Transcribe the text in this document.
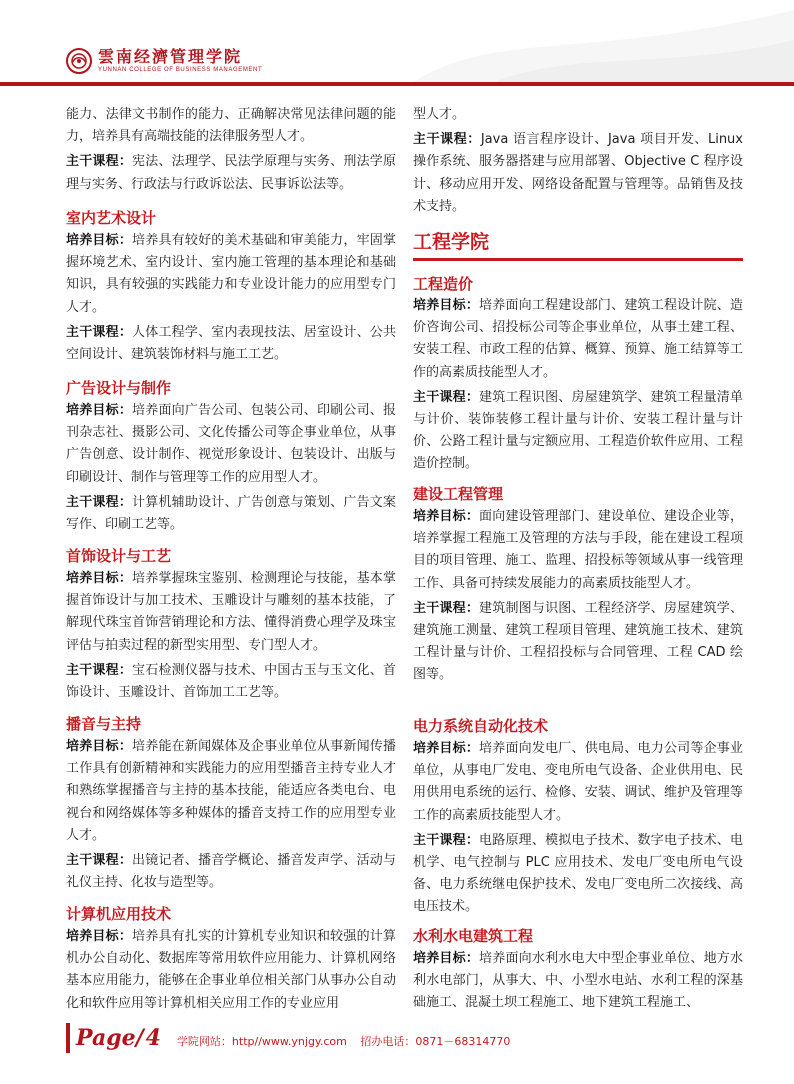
雲南经濟管理学院
YUNNAN COLLEGE OF BUSINESS MANAGEMENT

能力、法律文书制作的能力、正确解决常见法律问题的能力，培养具有高端技能的法律服务型人才。

主干课程：宪法、法理学、民法学原理与实务、刑法学原理与实务、行政法与行政诉讼法、民事诉讼法等。

室内艺术设计

培养目标：培养具有较好的美术基础和审美能力，牢固掌握环境艺术、室内设计、室内施工管理的基本理论和基础知识，具有较强的实践能力和专业设计能力的应用型专门人才。

主干课程：人体工程学、室内表现技法、居室设计、公共空间设计、建筑装饰材料与施工工艺。

广告设计与制作

培养目标：培养面向广告公司、包装公司、印刷公司、报刊杂志社、摄影公司、文化传播公司等企事业单位，从事广告创意、设计制作、视觉形象设计、包装设计、出版与印刷设计、制作与管理等工作的应用型人才。

主干课程：计算机辅助设计、广告创意与策划、广告文案写作、印刷工艺等。

首饰设计与工艺

培养目标：培养掌握珠宝鉴别、检测理论与技能，基本掌握首饰设计与加工技术、玉雕设计与雕刻的基本技能，了解现代珠宝首饰营销理论和方法、懂得消费心理学及珠宝评估与拍卖过程的新型实用型、专门型人才。

主干课程：宝石检测仪器与技术、中国古玉与玉文化、首饰设计、玉雕设计、首饰加工工艺等。

播音与主持

培养目标：培养能在新闻媒体及企事业单位从事新闻传播工作具有创新精神和实践能力的应用型播音主持专业人才和熟练掌握播音与主持的基本技能，能适应各类电台、电视台和网络媒体等多种媒体的播音支持工作的应用型专业人才。

主干课程：出镜记者、播音学概论、播音发声学、活动与礼仪主持、化妆与造型等。

计算机应用技术

培养目标：培养具有扎实的计算机专业知识和较强的计算机办公自动化、数据库等常用软件应用能力、计算机网络基本应用能力，能够在企事业单位相关部门从事办公自动化和软件应用等计算机相关应用工作的专业应用

型人才。

主干课程：Java 语言程序设计、Java 项目开发、Linux 操作系统、服务器搭建与应用部署、Objective C 程序设计、移动应用开发、网络设备配置与管理等。品销售及技术支持。

工程学院
工程造价

培养目标：培养面向工程建设部门、建筑工程设计院、造价咨询公司、招投标公司等企事业单位，从事土建工程、安装工程、市政工程的估算、概算、预算、施工结算等工作的高素质技能型人才。

主干课程：建筑工程识图、房屋建筑学、建筑工程量清单与计价、装饰装修工程计量与计价、安装工程计量与计价、公路工程计量与定额应用、工程造价软件应用、工程造价控制。

建设工程管理

培养目标：面向建设管理部门、建设单位、建设企业等，培养掌握工程施工及管理的方法与手段，能在建设工程项目的项目管理、施工、监理、招投标等领域从事一线管理工作、具备可持续发展能力的高素质技能型人才。

主干课程：建筑制图与识图、工程经济学、房屋建筑学、建筑施工测量、建筑工程项目管理、建筑施工技术、建筑工程计量与计价、工程招投标与合同管理、工程 CAD 绘图等。

电力系统自动化技术

培养目标：培养面向发电厂、供电局、电力公司等企事业单位，从事电厂发电、变电所电气设备、企业供用电、民用供用电系统的运行、检修、安装、调试、维护及管理等工作的高素质技能型人才。

主干课程：电路原理、模拟电子技术、数字电子技术、电机学、电气控制与 PLC 应用技术、发电厂变电所电气设备、电力系统继电保护技术、发电厂变电所二次接线、高电压技术。

水利水电建筑工程

培养目标：培养面向水利水电大中型企事业单位、地方水利水电部门，从事大、中、小型水电站、水利工程的深基础施工、混凝土坝工程施工、地下建筑工程施工、

Page/ 4 学院网站：http//www.ynjgy.com 招办电话：0871－68314770
